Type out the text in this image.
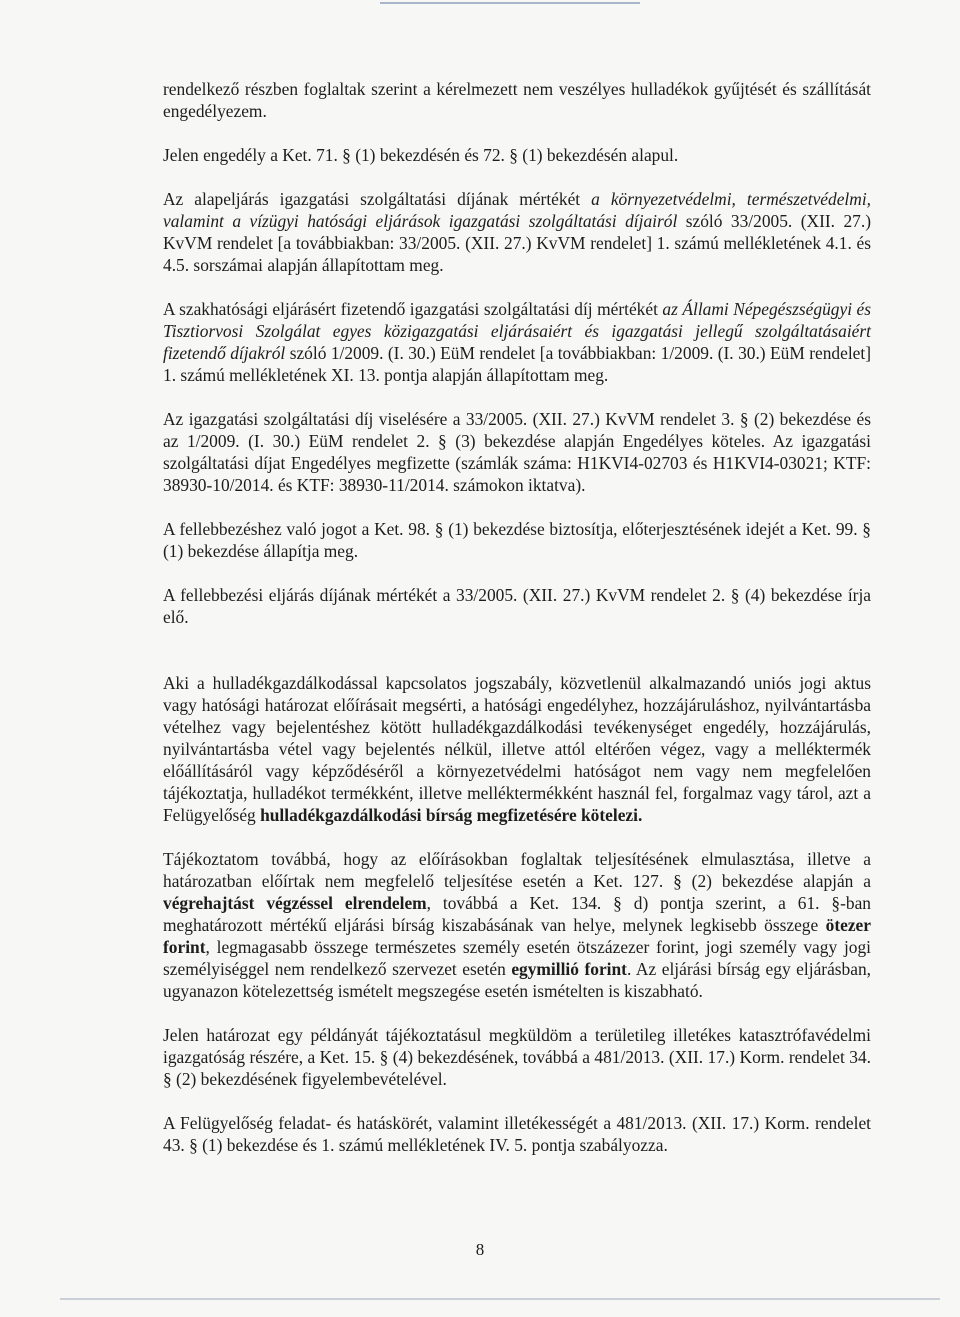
rendelkező részben foglaltak szerint a kérelmezett nem veszélyes hulladékok gyűjtését és szállítását engedélyezem.

Jelen engedély a Ket. 71. § (1) bekezdésén és 72. § (1) bekezdésén alapul.

Az alapeljárás igazgatási szolgáltatási díjának mértékét a környezetvédelmi, természetvédelmi, valamint a vízügyi hatósági eljárások igazgatási szolgáltatási díjairól szóló 33/2005. (XII. 27.) KvVM rendelet [a továbbiakban: 33/2005. (XII. 27.) KvVM rendelet] 1. számú mellékletének 4.1. és 4.5. sorszámai alapján állapítottam meg.

A szakhatósági eljárásért fizetendő igazgatási szolgáltatási díj mértékét az Állami Népegészségügyi és Tisztiorvosi Szolgálat egyes közigazgatási eljárásaiért és igazgatási jellegű szolgáltatásaiért fizetendő díjakról szóló 1/2009. (I. 30.) EüM rendelet [a továbbiakban: 1/2009. (I. 30.) EüM rendelet] 1. számú mellékletének XI. 13. pontja alapján állapítottam meg.

Az igazgatási szolgáltatási díj viselésére a 33/2005. (XII. 27.) KvVM rendelet 3. § (2) bekezdése és az 1/2009. (I. 30.) EüM rendelet 2. § (3) bekezdése alapján Engedélyes köteles. Az igazgatási szolgáltatási díjat Engedélyes megfizette (számlák száma: H1KVI4-02703 és H1KVI4-03021; KTF: 38930-10/2014. és KTF: 38930-11/2014. számokon iktatva).

A fellebbezéshez való jogot a Ket. 98. § (1) bekezdése biztosítja, előterjesztésének idejét a Ket. 99. § (1) bekezdése állapítja meg.

A fellebbezési eljárás díjának mértékét a 33/2005. (XII. 27.) KvVM rendelet 2. § (4) bekezdése írja elő.

Aki a hulladékgazdálkodással kapcsolatos jogszabály, közvetlenül alkalmazandó uniós jogi aktus vagy hatósági határozat előírásait megsérti, a hatósági engedélyhez, hozzájáruláshoz, nyilvántartásba vételhez vagy bejelentéshez kötött hulladékgazdálkodási tevékenységet engedély, hozzájárulás, nyilvántartásba vétel vagy bejelentés nélkül, illetve attól eltérően végez, vagy a melléktermék előállításáról vagy képződéséről a környezetvédelmi hatóságot nem vagy nem megfelelően tájékoztatja, hulladékot termékként, illetve melléktermékként használ fel, forgalmaz vagy tárol, azt a Felügyelőség hulladékgazdálkodási bírság megfizetésére kötelezi.

Tájékoztatom továbbá, hogy az előírásokban foglaltak teljesítésének elmulasztása, illetve a határozatban előírtak nem megfelelő teljesítése esetén a Ket. 127. § (2) bekezdése alapján a végrehajtást végzéssel elrendelem, továbbá a Ket. 134. § d) pontja szerint, a 61. §-ban meghatározott mértékű eljárási bírság kiszabásának van helye, melynek legkisebb összege ötezer forint, legmagasabb összege természetes személy esetén ötszázezer forint, jogi személy vagy jogi személyiséggel nem rendelkező szervezet esetén egymillió forint. Az eljárási bírság egy eljárásban, ugyanazon kötelezettség ismételt megszegése esetén ismételten is kiszabható.

Jelen határozat egy példányát tájékoztatásul megküldöm a területileg illetékes katasztrófavédelmi igazgatóság részére, a Ket. 15. § (4) bekezdésének, továbbá a 481/2013. (XII. 17.) Korm. rendelet 34. § (2) bekezdésének figyelembevételével.

A Felügyelőség feladat- és hatáskörét, valamint illetékességét a 481/2013. (XII. 17.) Korm. rendelet 43. § (1) bekezdése és 1. számú mellékletének IV. 5. pontja szabályozza.

8
